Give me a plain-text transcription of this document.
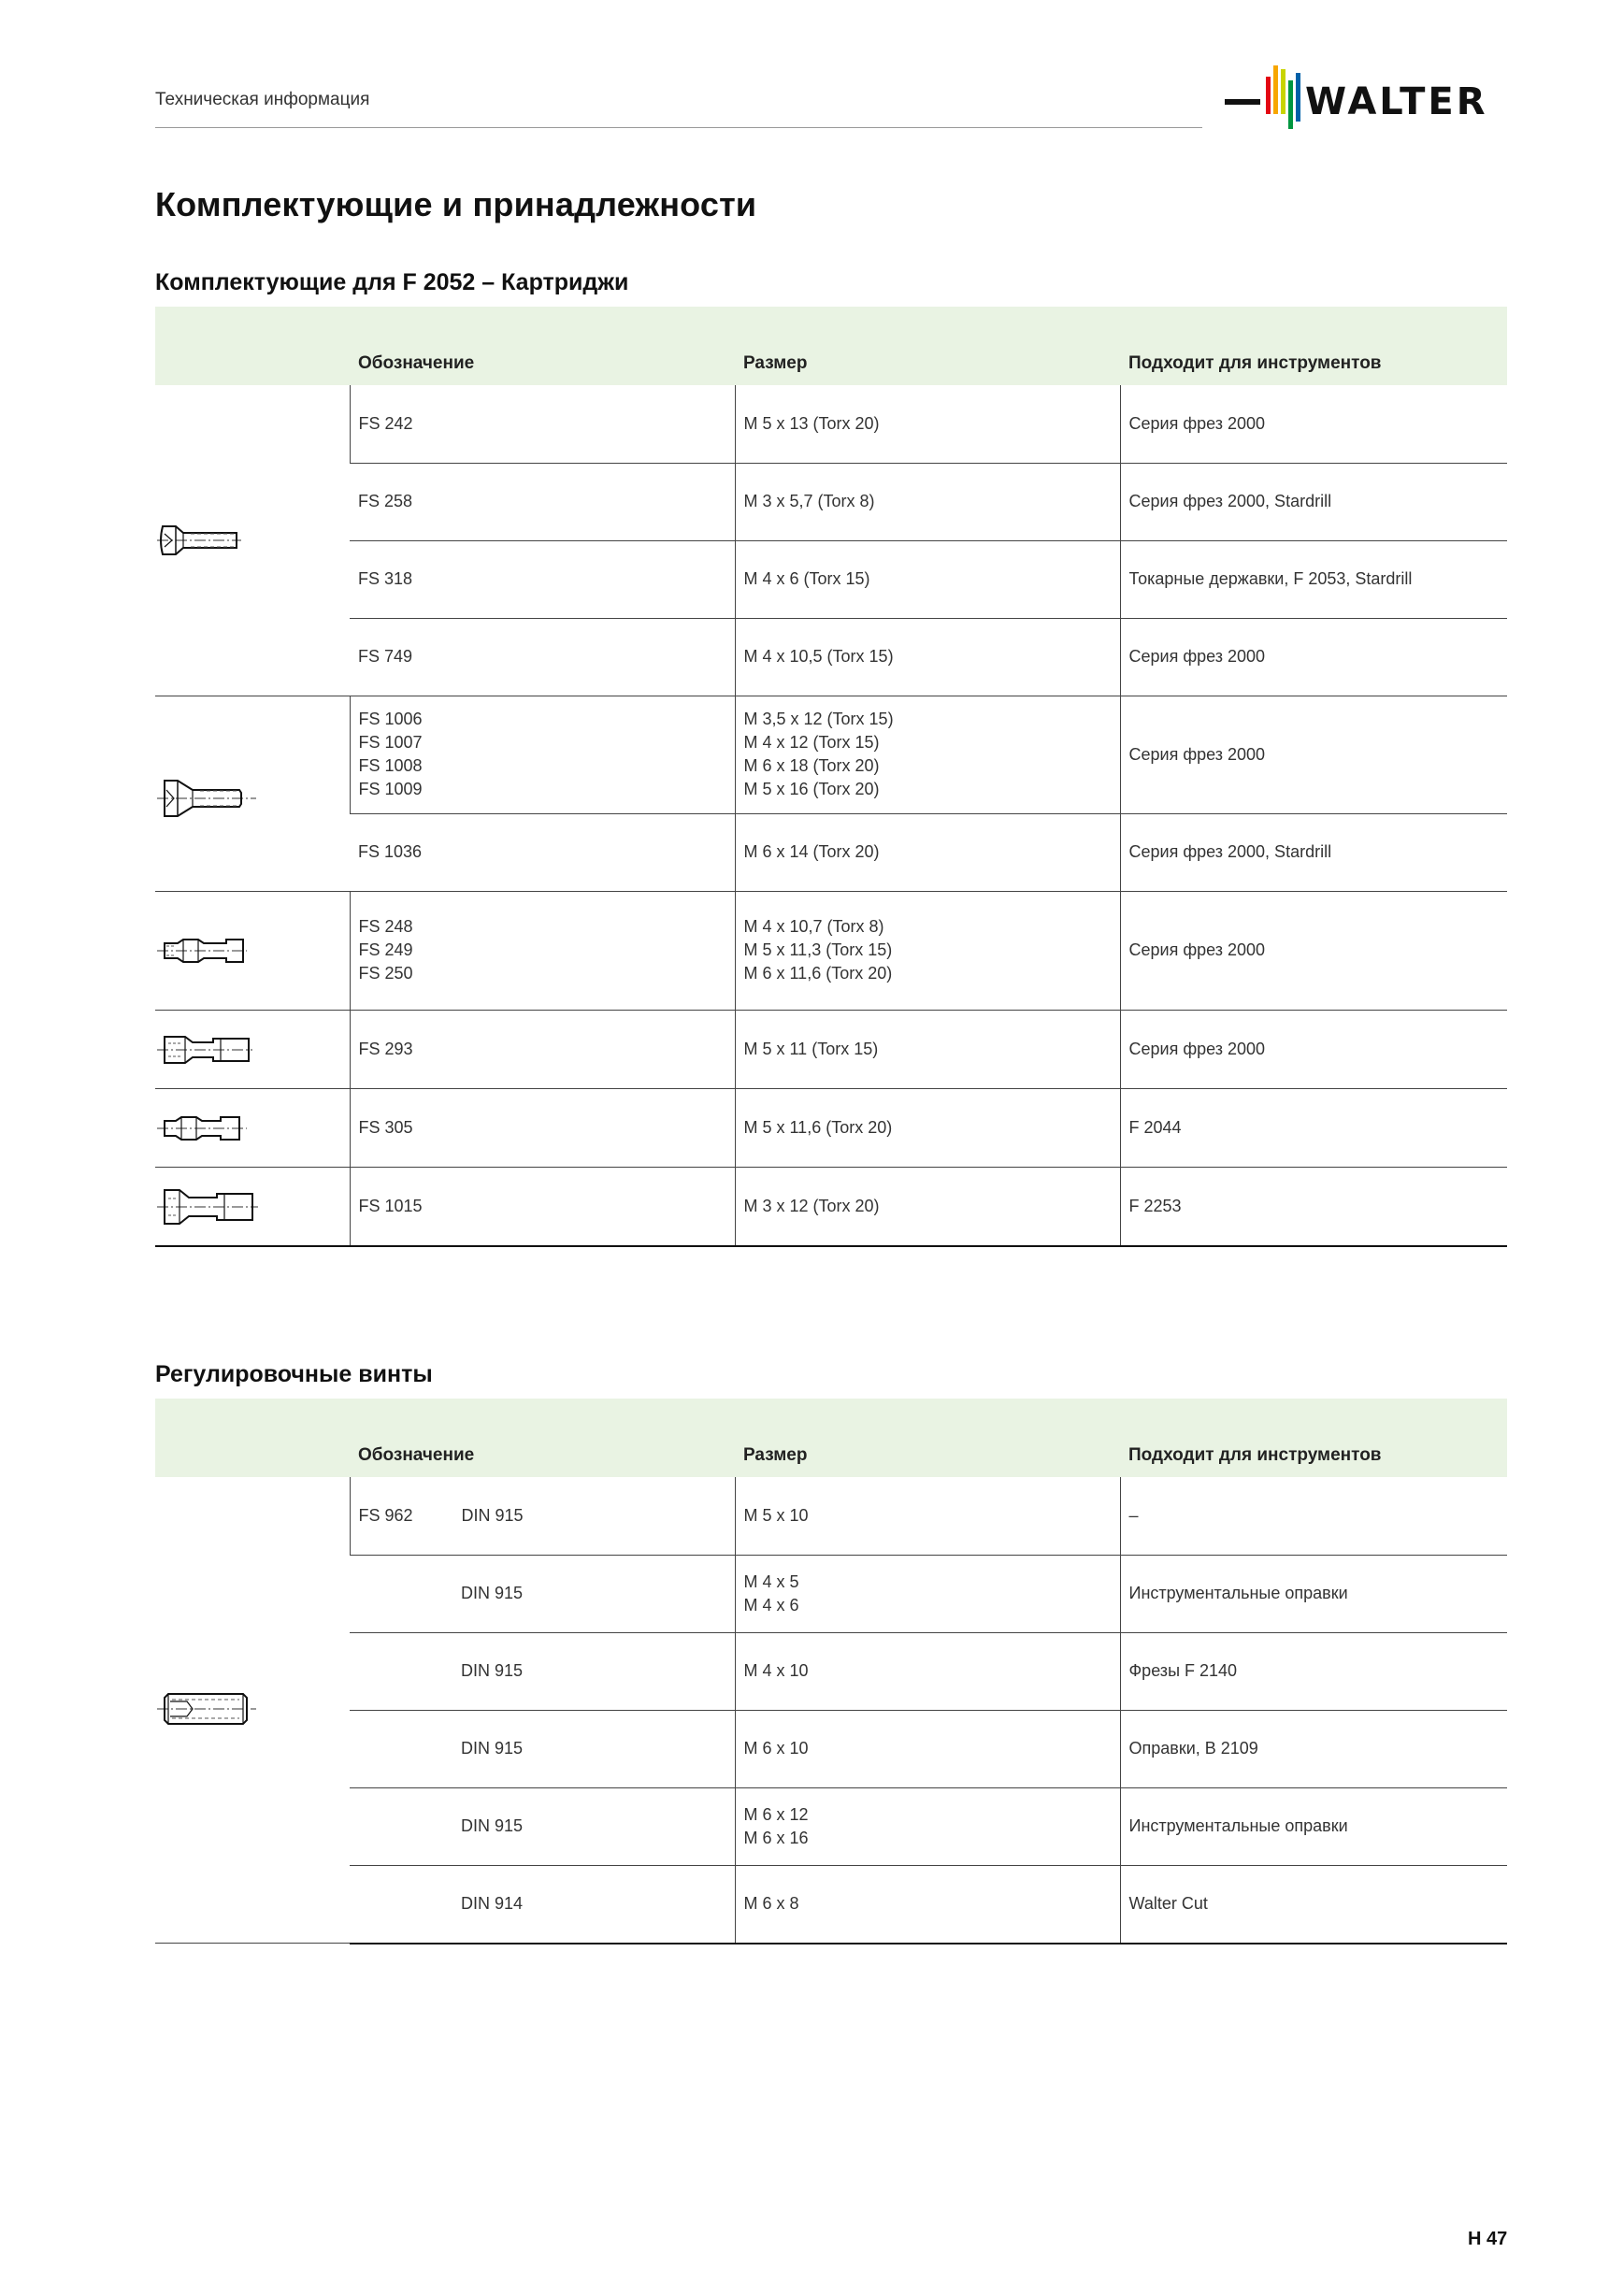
Техническая информация	WALTER
Комплектующие и принадлежности
Комплектующие для F 2052 – Картриджи
	Обозначение	Размер	Подходит для инструментов

	FS 242	M 5 x 13 (Torx 20)	Серия фрез 2000
	FS 258	M 3 x 5,7 (Torx 8)	Серия фрез 2000, Stardrill
	FS 318	M 4 x 6 (Torx 15)	Токарные державки, F 2053, Stardrill
	FS 749	M 4 x 10,5 (Torx 15)	Серия фрез 2000

	FS 1006
FS 1007
FS 1008
FS 1009	M 3,5 x 12 (Torx 15)
M 4 x 12 (Torx 15)
M 6 x 18 (Torx 20)
M 5 x 16 (Torx 20)	Серия фрез 2000
	FS 1036	M 6 x 14 (Torx 20)	Серия фрез 2000, Stardrill

	FS 248
FS 249
FS 250	M 4 x 10,7 (Torx 8)
M 5 x 11,3 (Torx 15)
M 6 x 11,6 (Torx 20)	Серия фрез 2000

	FS 293	M 5 x 11 (Torx 15)	Серия фрез 2000

	FS 305	M 5 x 11,6 (Torx 20)	F 2044

	FS 1015	M 3 x 12 (Torx 20)	F 2253
Регулировочные винты
	Обозначение	Размер	Подходит для инструментов

	FS 962 DIN 915	M 5 x 10	–
	DIN 915	M 4 x 5
M 4 x 6	Инструментальные оправки
	DIN 915	M 4 x 10	Фрезы F 2140
	DIN 915	M 6 x 10	Оправки, B 2109
	DIN 915	M 6 x 12
M 6 x 16	Инструментальные оправки
	DIN 914	M 6 x 8	Walter Cut
H 47
